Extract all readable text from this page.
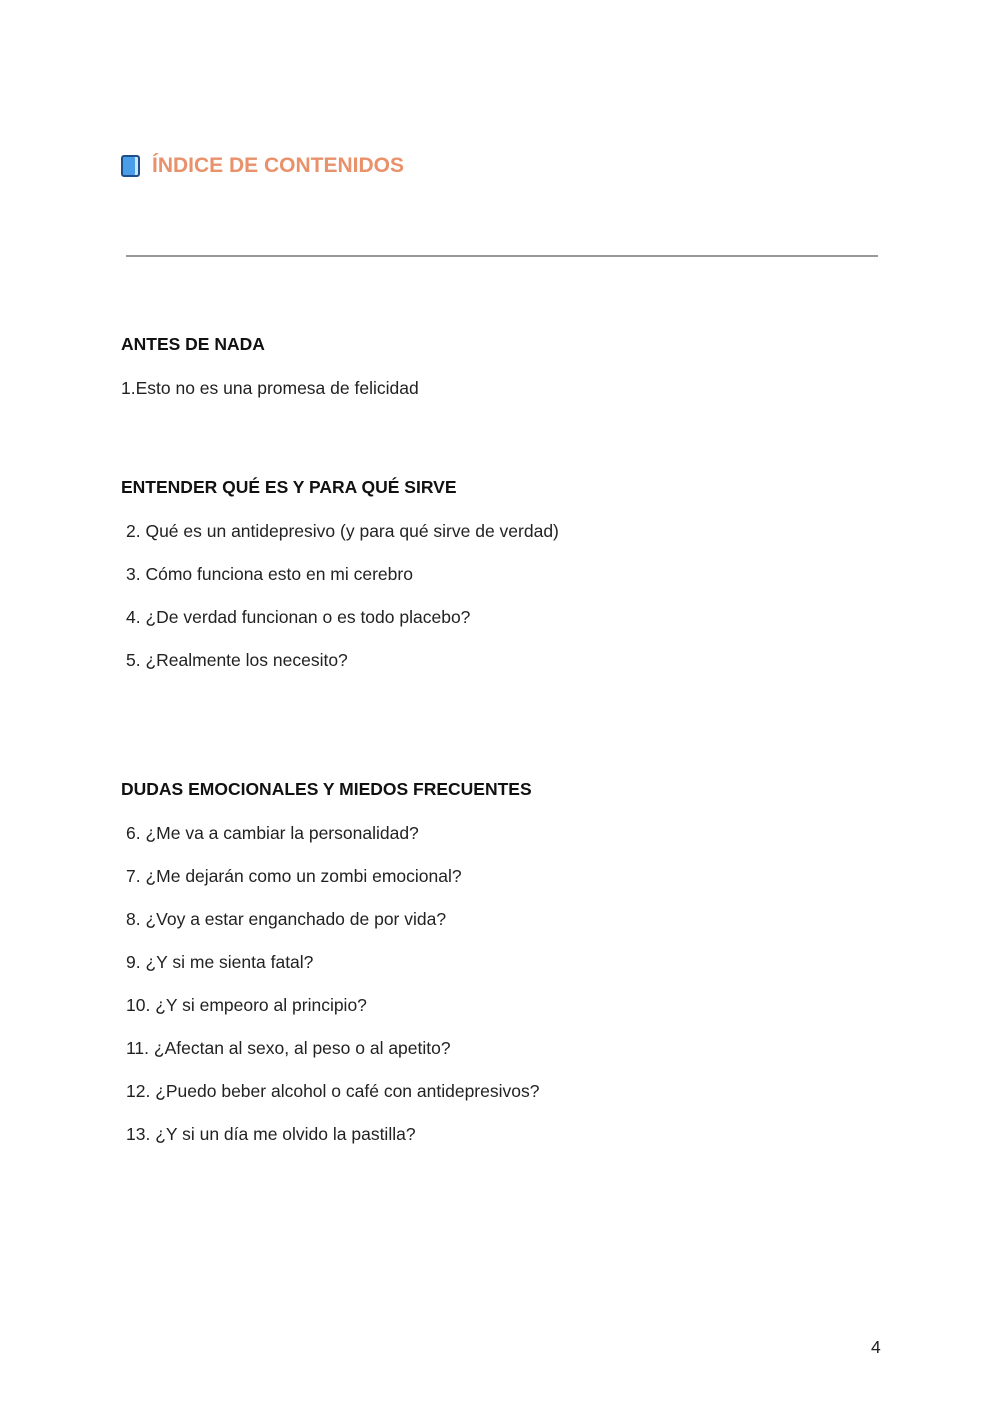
ÍNDICE DE CONTENIDOS
ANTES DE NADA
1.Esto no es una promesa de felicidad
ENTENDER QUÉ ES Y PARA QUÉ SIRVE
2. Qué es un antidepresivo (y para qué sirve de verdad)
3. Cómo funciona esto en mi cerebro
4. ¿De verdad funcionan o es todo placebo?
5. ¿Realmente los necesito?
DUDAS EMOCIONALES Y MIEDOS FRECUENTES
6. ¿Me va a cambiar la personalidad?
7. ¿Me dejarán como un zombi emocional?
8. ¿Voy a estar enganchado de por vida?
9. ¿Y si me sienta fatal?
10. ¿Y si empeoro al principio?
11. ¿Afectan al sexo, al peso o al apetito?
12. ¿Puedo beber alcohol o café con antidepresivos?
13. ¿Y si un día me olvido la pastilla?
4
